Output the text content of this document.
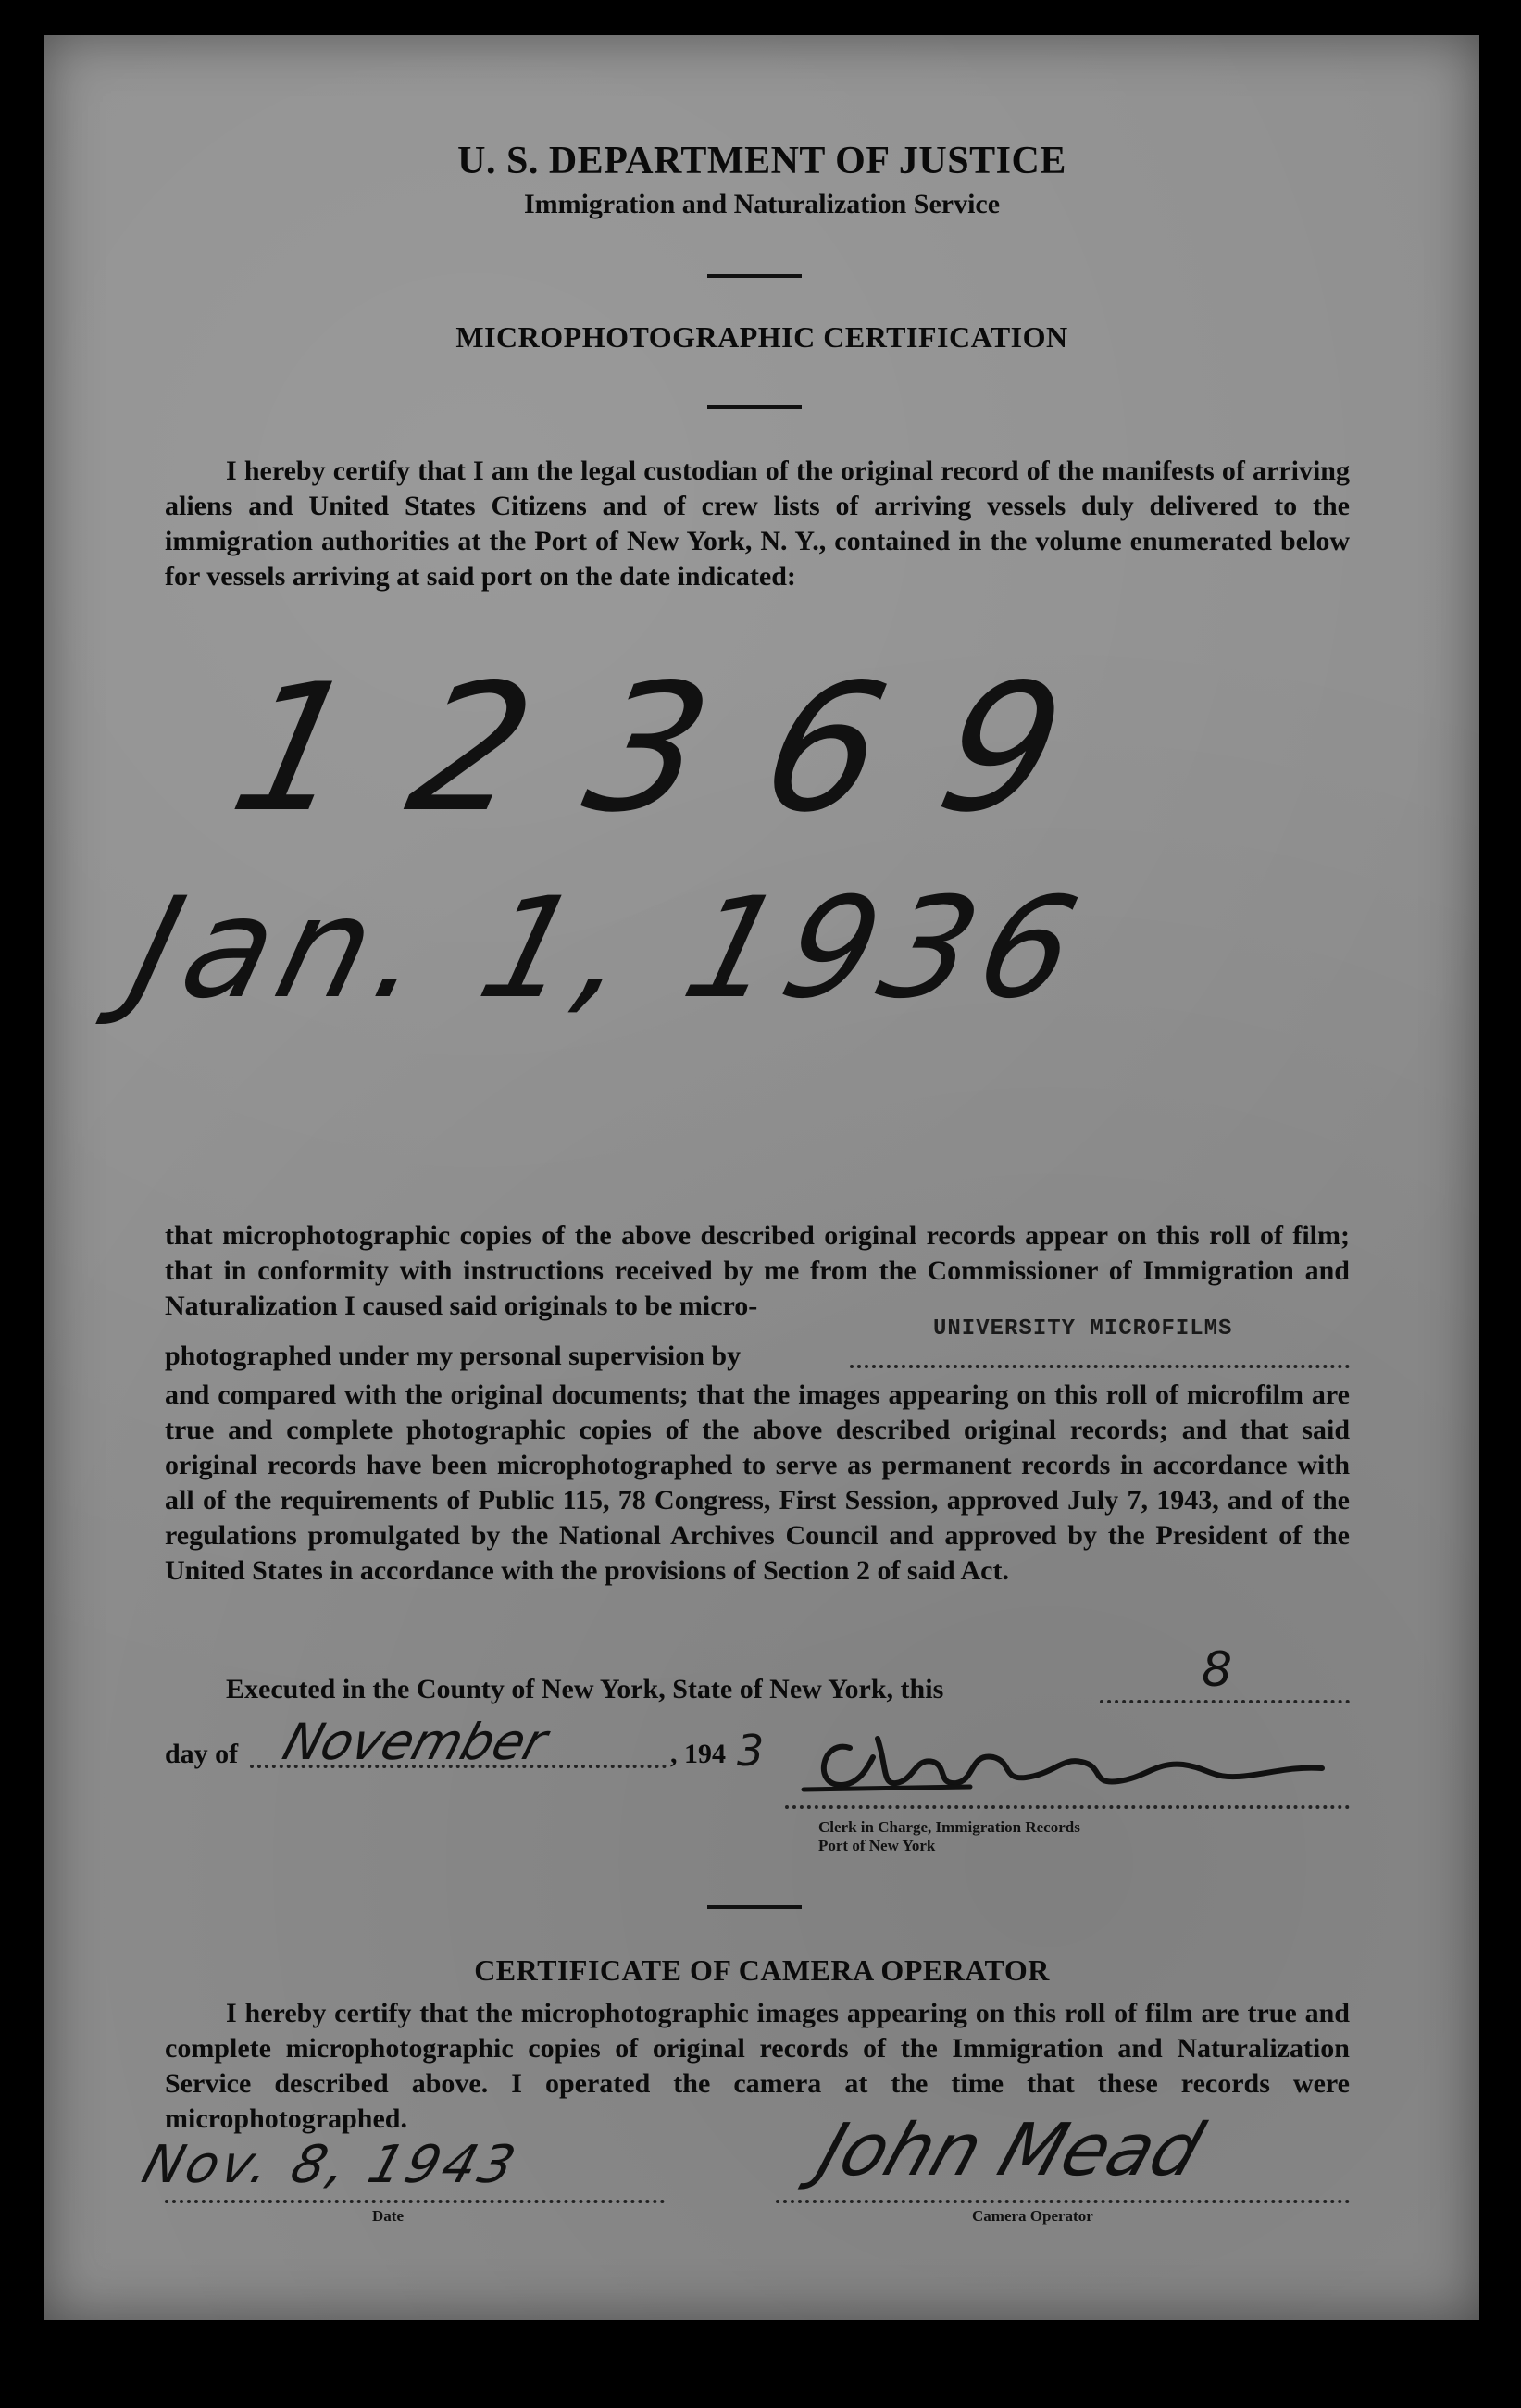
U. S. DEPARTMENT OF JUSTICE
Immigration and Naturalization Service
MICROPHOTOGRAPHIC CERTIFICATION
I hereby certify that I am the legal custodian of the original record of the manifests of arriving aliens and United States Citizens and of crew lists of arriving vessels duly delivered to the immigration authorities at the Port of New York, N. Y., contained in the volume enumerated below for vessels arriving at said port on the date indicated:
12369
Jan. 1, 1936
that microphotographic copies of the above described original records appear on this roll of film; that in conformity with instructions received by me from the Commissioner of Immigration and Naturalization I caused said originals to be micro-
photographed under my personal supervision by
UNIVERSITY MICROFILMS
and compared with the original documents; that the images appearing on this roll of microfilm are true and complete photographic copies of the above described original records; and that said original records have been microphotographed to serve as permanent records in accordance with all of the requirements of Public 115, 78 Congress, First Session, approved July 7, 1943, and of the regulations promulgated by the National Archives Council and approved by the President of the United States in accordance with the provisions of Section 2 of said Act.
Executed in the County of New York, State of New York, this	8
day of November	, 194 3
Clerk in Charge, Immigration Records
Port of New York
CERTIFICATE OF CAMERA OPERATOR
I hereby certify that the microphotographic images appearing on this roll of film are true and complete microphotographic copies of original records of the Immigration and Naturalization Service described above. I operated the camera at the time that these records were microphotographed.
Nov. 8, 1943
Date
John Mead
Camera Operator
